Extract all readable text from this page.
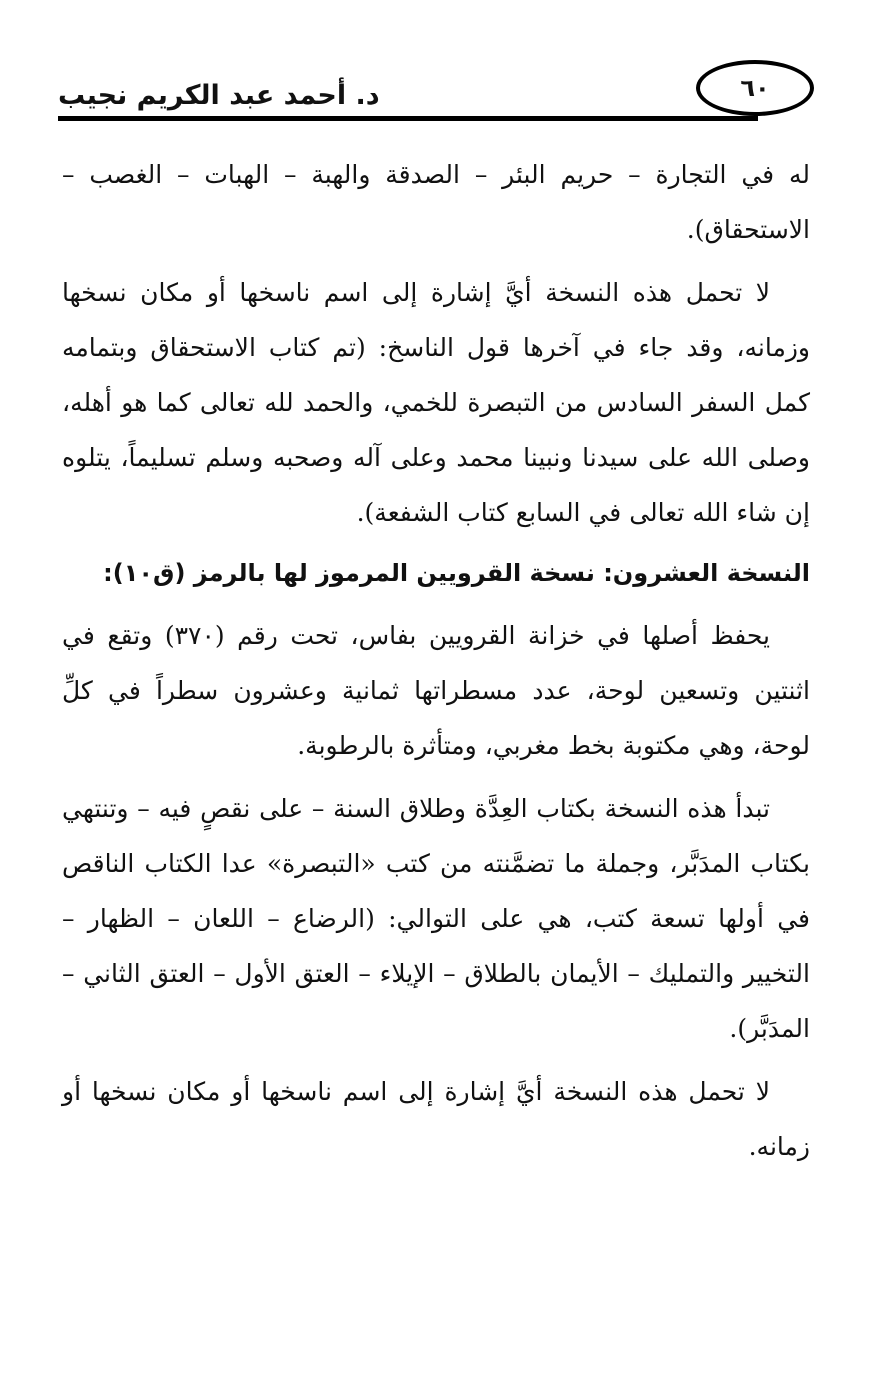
٦٠
د. أحمد عبد الكريم نجيب

له في التجارة – حريم البئر – الصدقة والهبة – الهبات – الغصب – الاستحقاق).

لا تحمل هذه النسخة أيَّ إشارة إلى اسم ناسخها أو مكان نسخها وزمانه، وقد جاء في آخرها قول الناسخ: (تم كتاب الاستحقاق وبتمامه كمل السفر السادس من التبصرة للخمي، والحمد لله تعالى كما هو أهله، وصلى الله على سيدنا ونبينا محمد وعلى آله وصحبه وسلم تسليماً، يتلوه إن شاء الله تعالى في السابع كتاب الشفعة).

النسخة العشرون: نسخة القرويين المرموز لها بالرمز (ق١٠):

يحفظ أصلها في خزانة القرويين بفاس، تحت رقم (٣٧٠) وتقع في اثنتين وتسعين لوحة، عدد مسطراتها ثمانية وعشرون سطراً في كلِّ لوحة، وهي مكتوبة بخط مغربي، ومتأثرة بالرطوبة.

تبدأ هذه النسخة بكتاب العِدَّة وطلاق السنة – على نقصٍ فيه – وتنتهي بكتاب المدَبَّر، وجملة ما تضمَّنته من كتب «التبصرة» عدا الكتاب الناقص في أولها تسعة كتب، هي على التوالي: (الرضاع – اللعان – الظهار – التخيير والتمليك – الأيمان بالطلاق – الإيلاء – العتق الأول – العتق الثاني – المدَبَّر).

لا تحمل هذه النسخة أيَّ إشارة إلى اسم ناسخها أو مكان نسخها أو زمانه.
